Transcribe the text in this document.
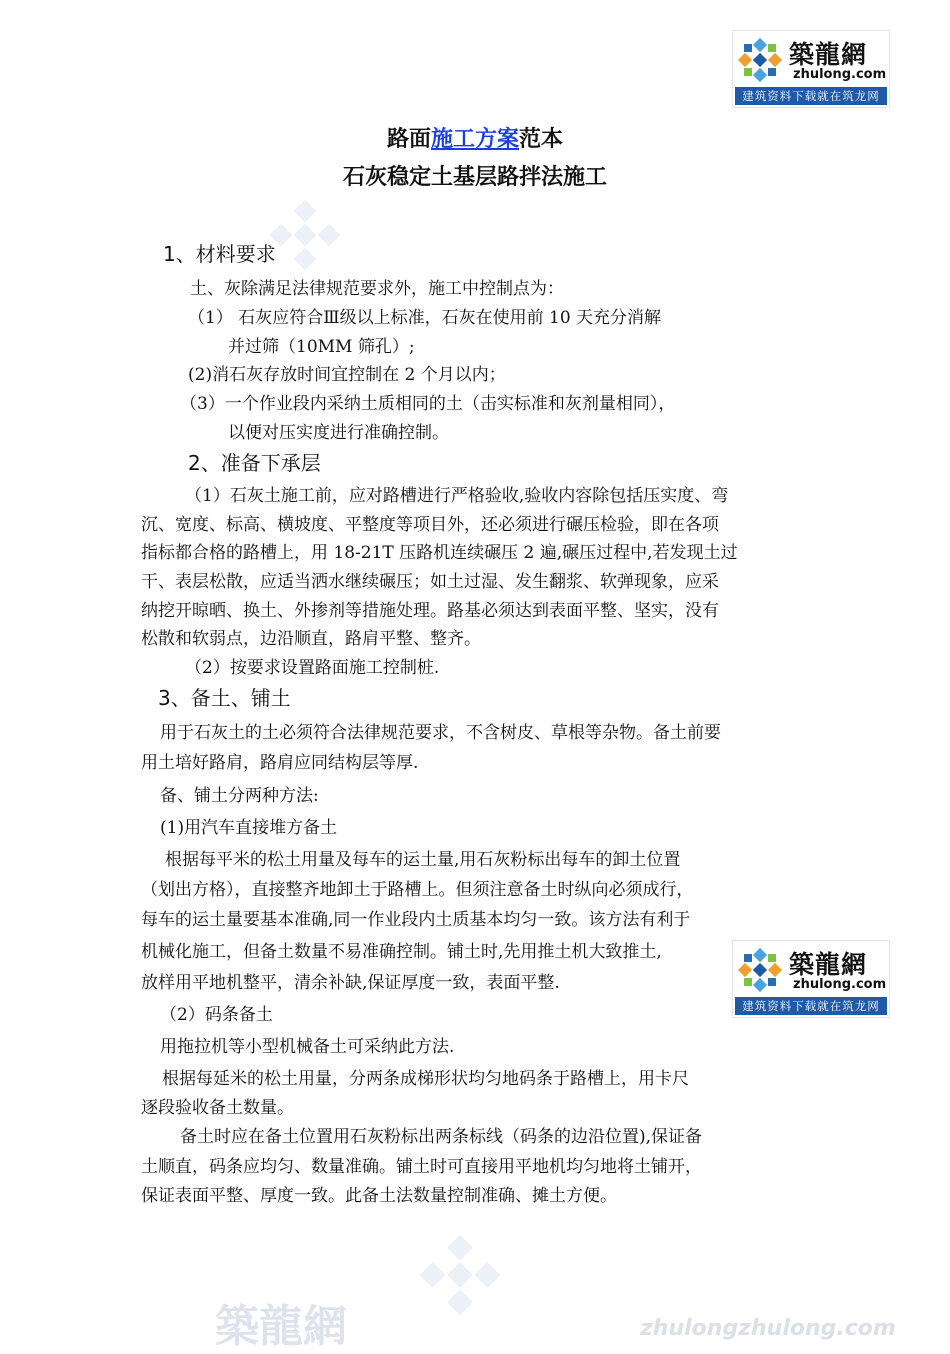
築龍網
zhulong.com
建筑资料下载就在筑龙网
築龍網
zhulong.com
建筑资料下载就在筑龙网
築龍網	zhulongzhulong.com
路面施工方案范本
石灰稳定土基层路拌法施工
1、材料要求
土、灰除满足法律规范要求外，施工中控制点为：
（1） 石灰应符合Ⅲ级以上标准，石灰在使用前 10 天充分消解
并过筛（10MM 筛孔）;
(2)消石灰存放时间宜控制在 2 个月以内；
（3）一个作业段内采纳土质相同的土（击实标准和灰剂量相同），
以便对压实度进行准确控制。
2、准备下承层
（1）石灰土施工前，应对路槽进行严格验收,验收内容除包括压实度、弯
沉、宽度、标高、横坡度、平整度等项目外，还必须进行碾压检验，即在各项
指标都合格的路槽上，用 18-21T 压路机连续碾压 2 遍,碾压过程中,若发现土过
干、表层松散，应适当洒水继续碾压；如土过湿、发生翻浆、软弹现象，应采
纳挖开晾晒、换土、外掺剂等措施处理。路基必须达到表面平整、坚实，没有
松散和软弱点，边沿顺直，路肩平整、整齐。
（2）按要求设置路面施工控制桩.
3、备土、铺土
用于石灰土的土必须符合法律规范要求，不含树皮、草根等杂物。备土前要
用土培好路肩，路肩应同结构层等厚.
备、铺土分两种方法:
(1)用汽车直接堆方备土
根据每平米的松土用量及每车的运土量,用石灰粉标出每车的卸土位置
（划出方格），直接整齐地卸土于路槽上。但须注意备土时纵向必须成行，
每车的运土量要基本准确,同一作业段内土质基本均匀一致。该方法有利于
机械化施工，但备土数量不易准确控制。铺土时,先用推土机大致推土,
放样用平地机整平，清余补缺,保证厚度一致，表面平整.
（2）码条备土
用拖拉机等小型机械备土可采纳此方法.
根据每延米的松土用量，分两条成梯形状均匀地码条于路槽上，用卡尺
逐段验收备土数量。
备土时应在备土位置用石灰粉标出两条标线（码条的边沿位置),保证备
土顺直，码条应均匀、数量准确。铺土时可直接用平地机均匀地将土铺开，
保证表面平整、厚度一致。此备土法数量控制准确、摊土方便。
